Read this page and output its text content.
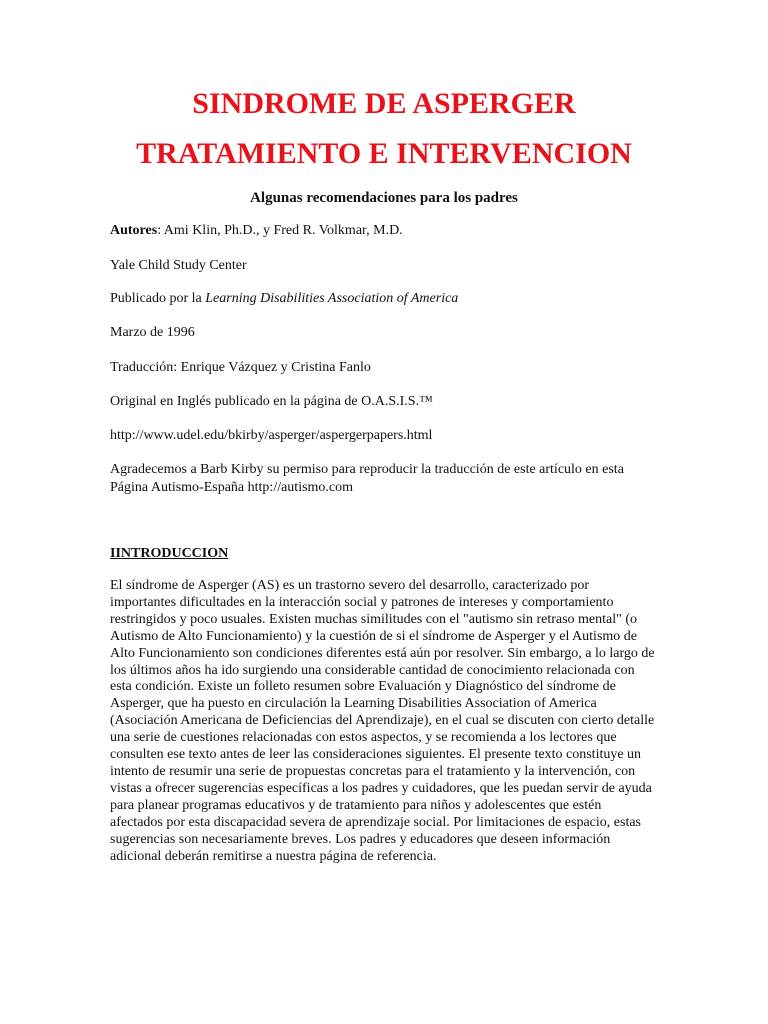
SINDROME DE ASPERGER
TRATAMIENTO E INTERVENCION
Algunas recomendaciones para los padres

Autores: Ami Klin, Ph.D., y Fred R. Volkmar, M.D.

Yale Child Study Center

Publicado por la Learning Disabilities Association of America

Marzo de 1996

Traducción: Enrique Vázquez y Cristina Fanlo

Original en Inglés publicado en la página de O.A.S.I.S.™

http://www.udel.edu/bkirby/asperger/aspergerpapers.html

Agradecemos a Barb Kirby su permiso para reproducir la traducción de este artículo en esta Página Autismo-España http://autismo.com

IINTRODUCCION

El síndrome de Asperger (AS) es un trastorno severo del desarrollo, caracterizado por importantes dificultades en la interacción social y patrones de intereses y comportamiento restringidos y poco usuales. Existen muchas similitudes con el "autismo sin retraso mental" (o Autismo de Alto Funcionamiento) y la cuestión de si el síndrome de Asperger y el Autismo de Alto Funcionamiento son condiciones diferentes está aún por resolver. Sin embargo, a lo largo de los últimos años ha ido surgiendo una considerable cantidad de conocimiento relacionada con esta condición. Existe un folleto resumen sobre Evaluación y Diagnóstico del síndrome de Asperger, que ha puesto en circulación la Learning Disabilities Association of America (Asociación Americana de Deficiencias del Aprendizaje), en el cual se discuten con cierto detalle una serie de cuestiones relacionadas con estos aspectos, y se recomienda a los lectores que consulten ese texto antes de leer las consideraciones siguientes. El presente texto constituye un intento de resumir una serie de propuestas concretas para el tratamiento y la intervención, con vistas a ofrecer sugerencias específicas a los padres y cuidadores, que les puedan servir de ayuda para planear programas educativos y de tratamiento para niños y adolescentes que estén afectados por esta discapacidad severa de aprendizaje social. Por limitaciones de espacio, estas sugerencias son necesariamente breves. Los padres y educadores que deseen información adicional deberán remitirse a nuestra página de referencia.
